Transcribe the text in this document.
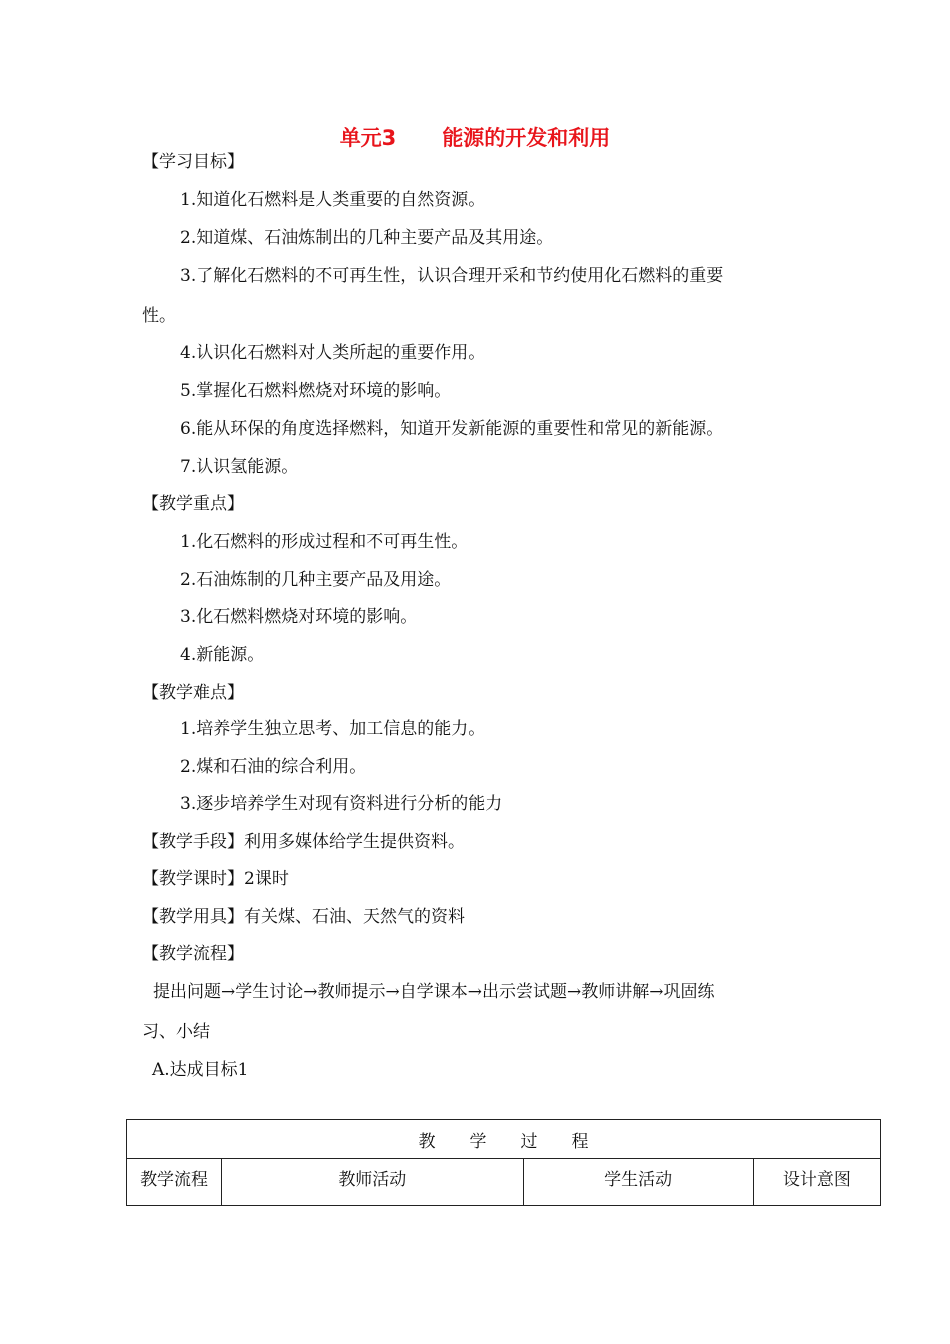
单元3 能源的开发和利用
【学习目标】
1.知道化石燃料是人类重要的自然资源。
2.知道煤、石油炼制出的几种主要产品及其用途。
3.了解化石燃料的不可再生性，认识合理开采和节约使用化石燃料的重要
性。
4.认识化石燃料对人类所起的重要作用。
5.掌握化石燃料燃烧对环境的影响。
6.能从环保的角度选择燃料，知道开发新能源的重要性和常见的新能源。
7.认识氢能源。
【教学重点】
1.化石燃料的形成过程和不可再生性。
2.石油炼制的几种主要产品及用途。
3.化石燃料燃烧对环境的影响。
4.新能源。
【教学难点】
1.培养学生独立思考、加工信息的能力。
2.煤和石油的综合利用。
3.逐步培养学生对现有资料进行分析的能力
【教学手段】利用多媒体给学生提供资料。
【教学课时】2课时
【教学用具】有关煤、石油、天然气的资料
【教学流程】
提出问题→学生讨论→教师提示→自学课本→出示尝试题→教师讲解→巩固练
习、小结
A.达成目标1
教　　学　　过　　程
教学流程	教师活动	学生活动	设计意图
